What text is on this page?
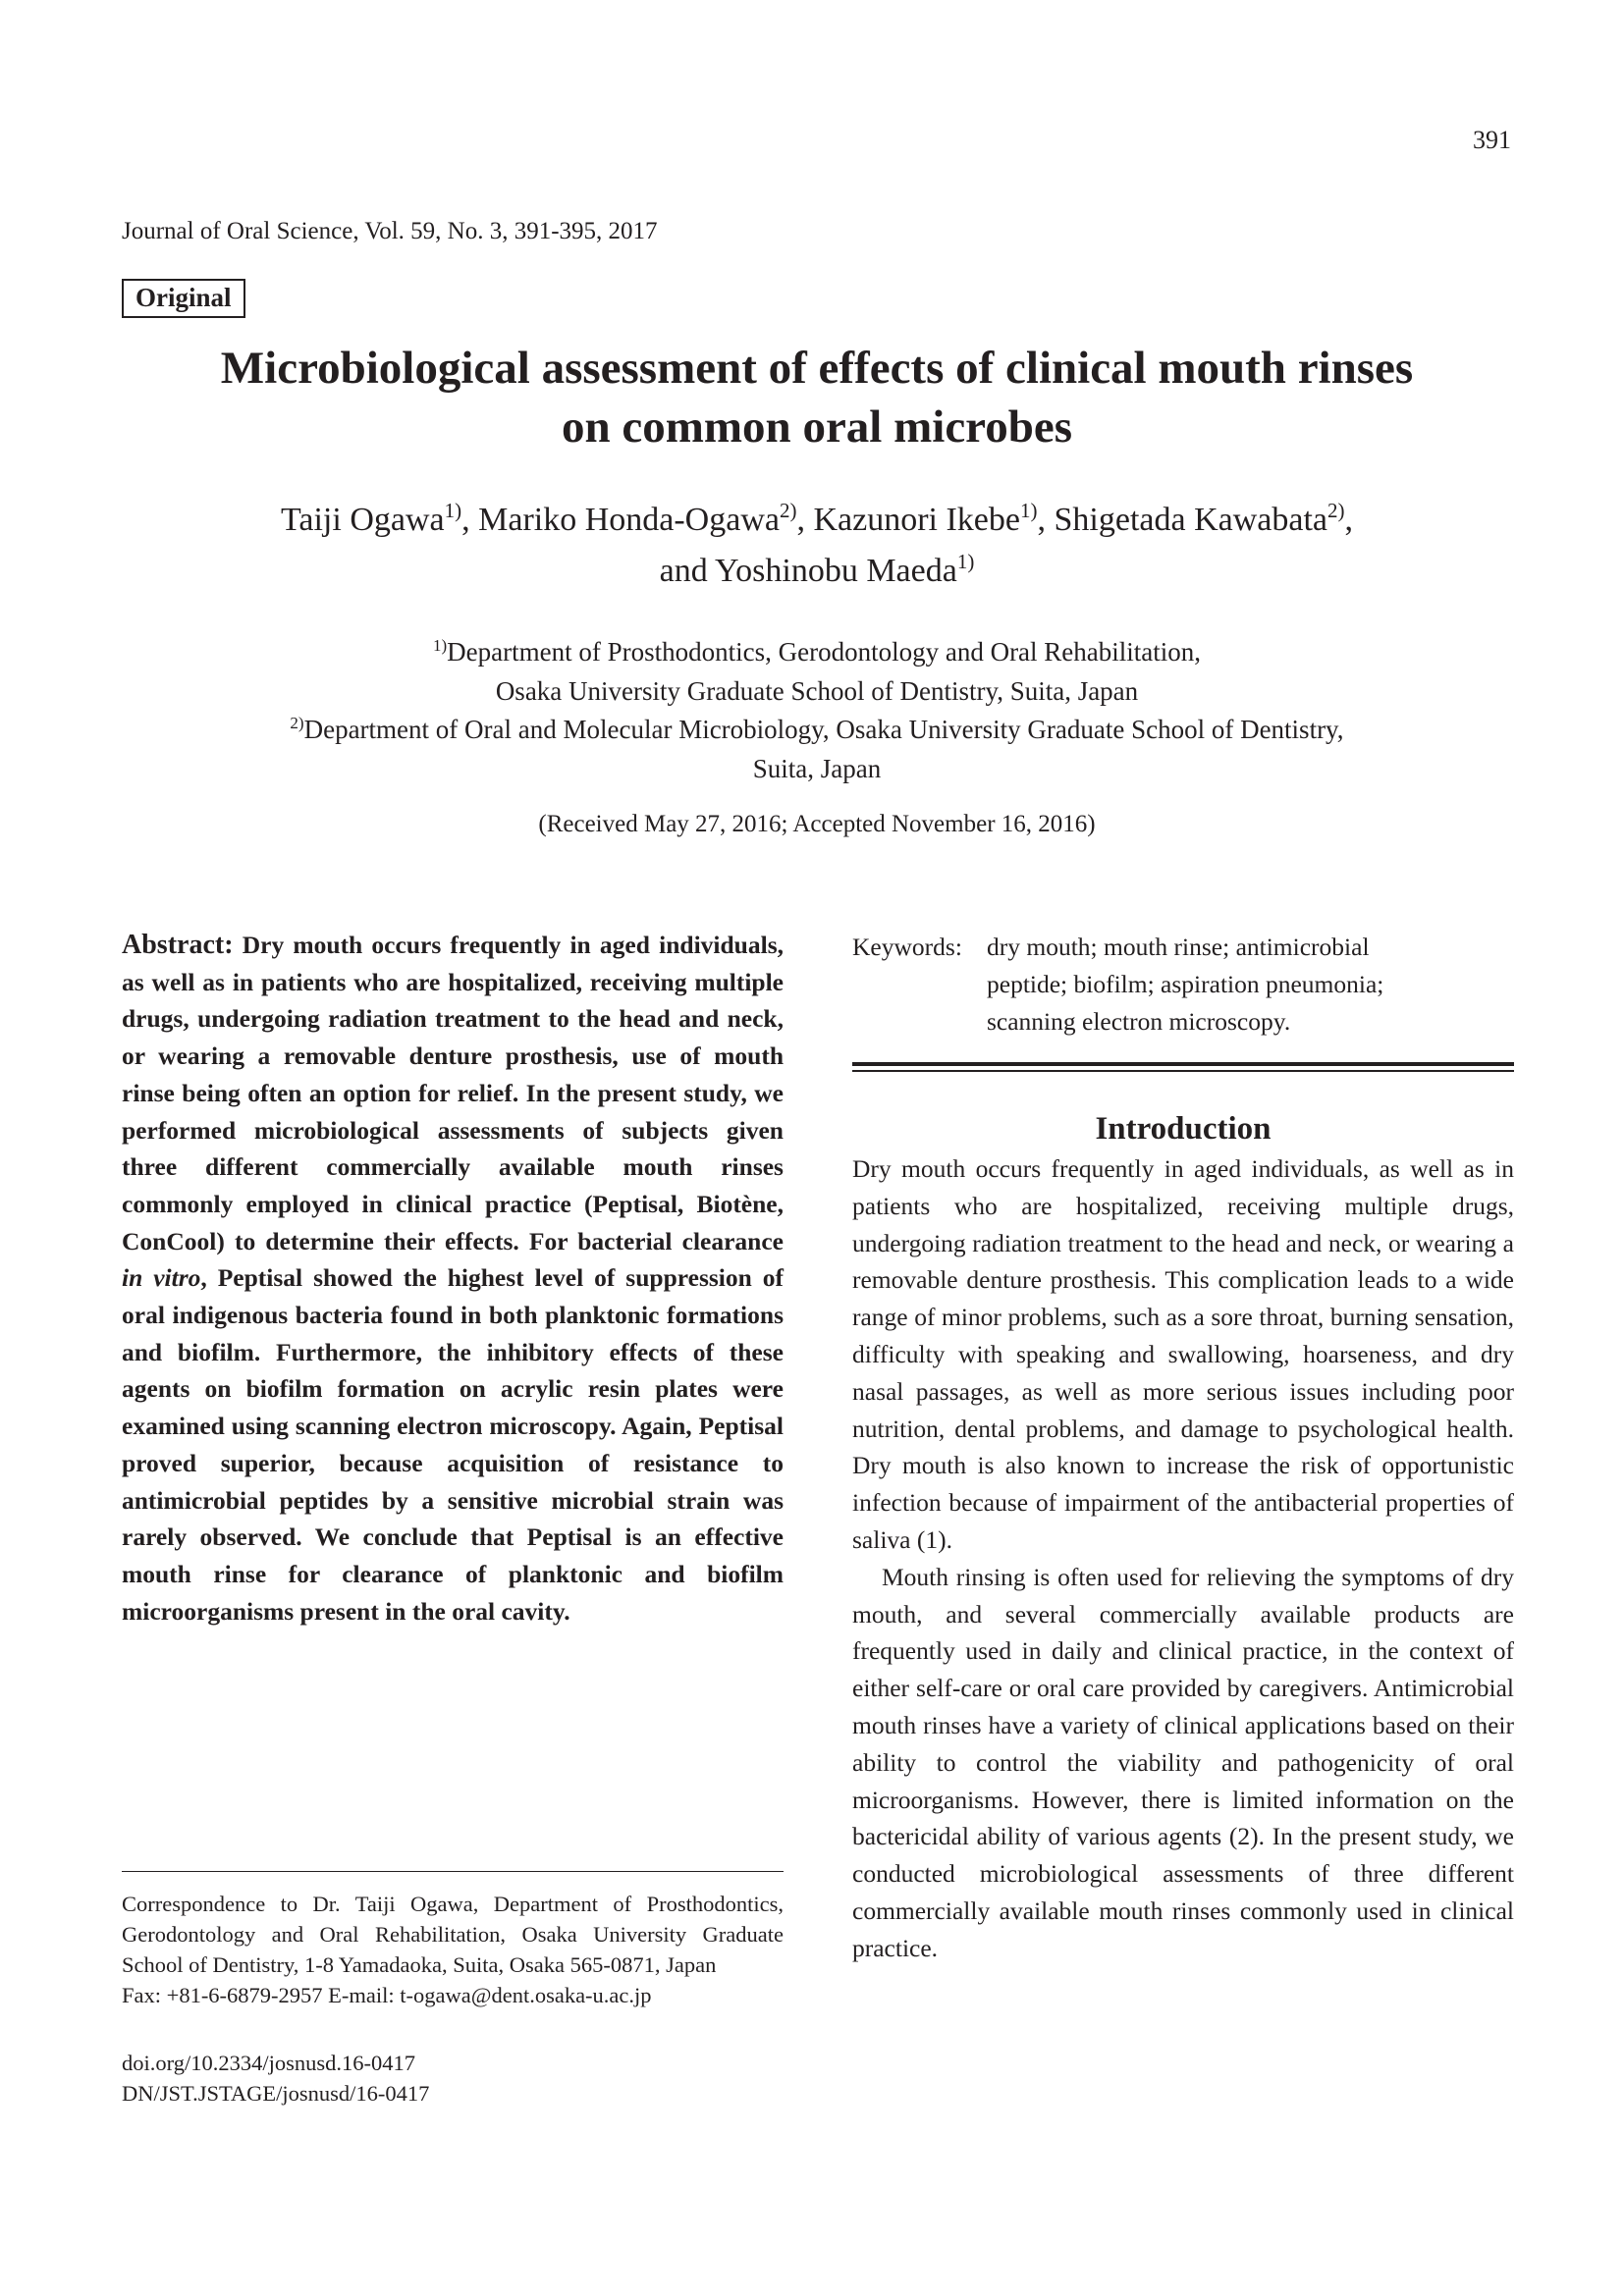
391
Journal of Oral Science, Vol. 59, No. 3, 391-395, 2017
Original
Microbiological assessment of effects of clinical mouth rinses
on common oral microbes
Taiji Ogawa$^{1)}$, Mariko Honda-Ogawa$^{2)}$, Kazunori Ikebe$^{1)}$, Shigetada Kawabata$^{2)}$,
and Yoshinobu Maeda$^{1)}$
$^{1)}$Department of Prosthodontics, Gerodontology and Oral Rehabilitation,
Osaka University Graduate School of Dentistry, Suita, Japan
$^{2)}$Department of Oral and Molecular Microbiology, Osaka University Graduate School of Dentistry,
Suita, Japan
(Received May 27, 2016; Accepted November 16, 2016)
Abstract: Dry mouth occurs frequently in aged individuals, as well as in patients who are hospitalized, receiving multiple drugs, undergoing radiation treatment to the head and neck, or wearing a removable denture prosthesis, use of mouth rinse being often an option for relief. In the present study, we performed microbiological assessments of subjects given three different commercially available mouth rinses commonly employed in clinical practice (Peptisal, Biotène, ConCool) to determine their effects. For bacterial clearance in vitro, Peptisal showed the highest level of suppression of oral indigenous bacteria found in both planktonic formations and biofilm. Furthermore, the inhibitory effects of these agents on biofilm formation on acrylic resin plates were examined using scanning electron microscopy. Again, Peptisal proved superior, because acquisition of resistance to antimicrobial peptides by a sensitive microbial strain was rarely observed. We conclude that Peptisal is an effective mouth rinse for clearance of planktonic and biofilm microorganisms present in the oral cavity.
Keywords: dry mouth; mouth rinse; antimicrobial peptide; biofilm; aspiration pneumonia; scanning electron microscopy.
Introduction

Dry mouth occurs frequently in aged individuals, as well as in patients who are hospitalized, receiving multiple drugs, undergoing radiation treatment to the head and neck, or wearing a removable denture prosthesis. This complication leads to a wide range of minor problems, such as a sore throat, burning sensation, difficulty with speaking and swallowing, hoarseness, and dry nasal passages, as well as more serious issues including poor nutrition, dental problems, and damage to psychological health. Dry mouth is also known to increase the risk of opportunistic infection because of impairment of the antibacterial properties of saliva (1).

Mouth rinsing is often used for relieving the symptoms of dry mouth, and several commercially available products are frequently used in daily and clinical practice, in the context of either self-care or oral care provided by caregivers. Antimicrobial mouth rinses have a variety of clinical applications based on their ability to control the viability and pathogenicity of oral microorganisms. However, there is limited information on the bactericidal ability of various agents (2). In the present study, we conducted microbiological assessments of three different commercially available mouth rinses commonly used in clinical practice.

Correspondence to Dr. Taiji Ogawa, Department of Prosthodontics, Gerodontology and Oral Rehabilitation, Osaka University Graduate School of Dentistry, 1-8 Yamadaoka, Suita, Osaka 565-0871, Japan
Fax: +81-6-6879-2957 E-mail: t-ogawa@dent.osaka-u.ac.jp
doi.org/10.2334/josnusd.16-0417
DN/JST.JSTAGE/josnusd/16-0417
